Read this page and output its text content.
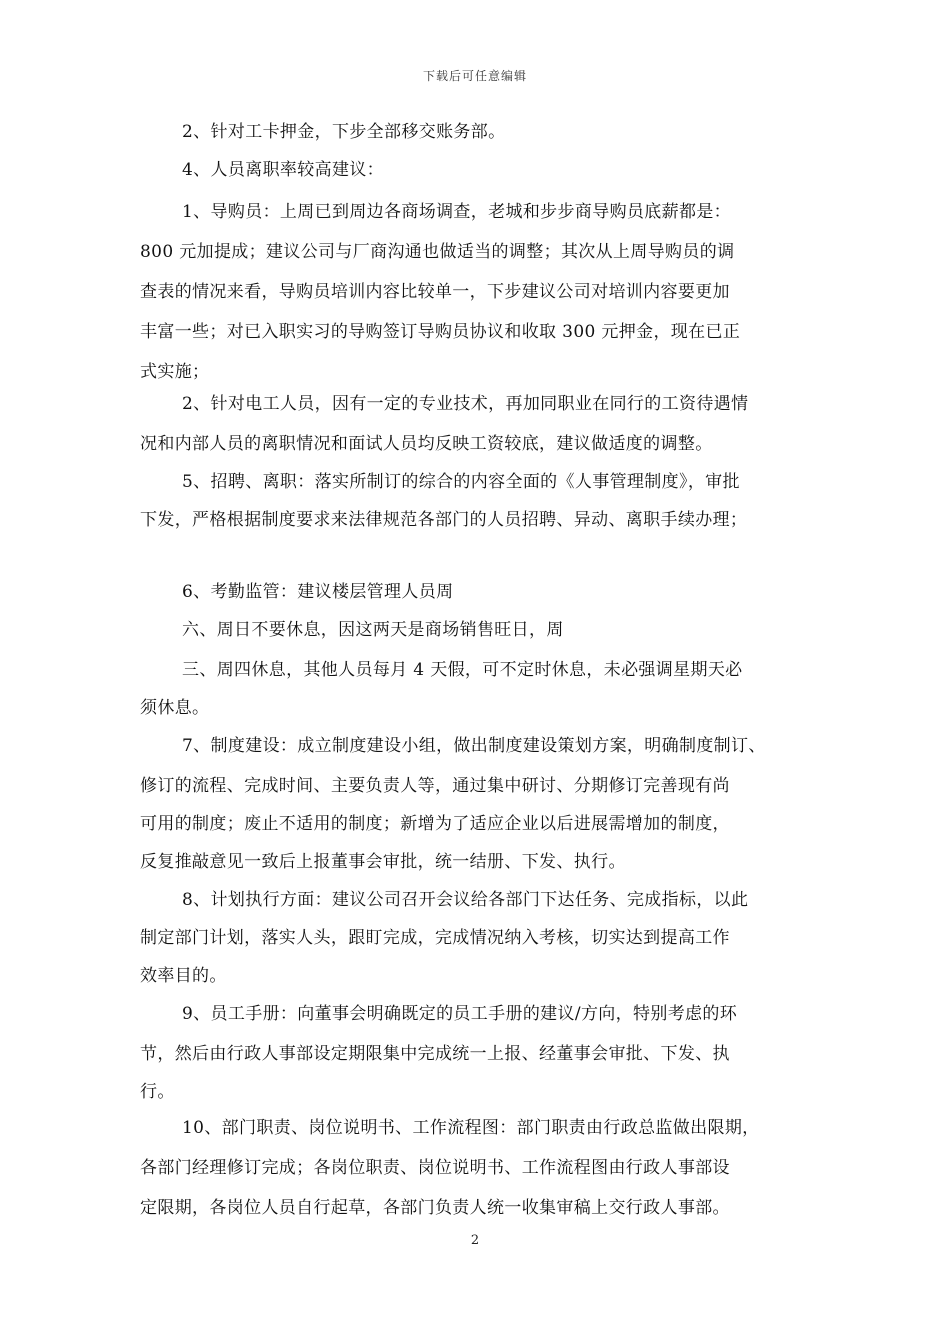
下载后可任意编辑
2、针对工卡押金，下步全部移交账务部。
4、人员离职率较高建议：
1、导购员：上周已到周边各商场调查，老城和步步商导购员底薪都是：
800 元加提成；建议公司与厂商沟通也做适当的调整；其次从上周导购员的调
查表的情况来看，导购员培训内容比较单一，下步建议公司对培训内容要更加
丰富一些；对已入职实习的导购签订导购员协议和收取 300 元押金，现在已正
式实施；
2、针对电工人员，因有一定的专业技术，再加同职业在同行的工资待遇情
况和内部人员的离职情况和面试人员均反映工资较底，建议做适度的调整。
5、招聘、离职：落实所制订的综合的内容全面的《人事管理制度》，审批
下发，严格根据制度要求来法律规范各部门的人员招聘、异动、离职手续办理；
6、考勤监管：建议楼层管理人员周
六、周日不要休息，因这两天是商场销售旺日，周
三、周四休息，其他人员每月 4 天假，可不定时休息，未必强调星期天必
须休息。
7、制度建设：成立制度建设小组，做出制度建设策划方案，明确制度制订、
修订的流程、完成时间、主要负责人等，通过集中研讨、分期修订完善现有尚
可用的制度；废止不适用的制度；新增为了适应企业以后进展需增加的制度，
反复推敲意见一致后上报董事会审批，统一结册、下发、执行。
8、计划执行方面：建议公司召开会议给各部门下达任务、完成指标，以此
制定部门计划，落实人头，跟盯完成，完成情况纳入考核，切实达到提高工作
效率目的。
9、员工手册：向董事会明确既定的员工手册的建议/方向，特别考虑的环
节，然后由行政人事部设定期限集中完成统一上报、经董事会审批、下发、执
行。
10、部门职责、岗位说明书、工作流程图：部门职责由行政总监做出限期，
各部门经理修订完成；各岗位职责、岗位说明书、工作流程图由行政人事部设
定限期，各岗位人员自行起草，各部门负责人统一收集审稿上交行政人事部。
2
